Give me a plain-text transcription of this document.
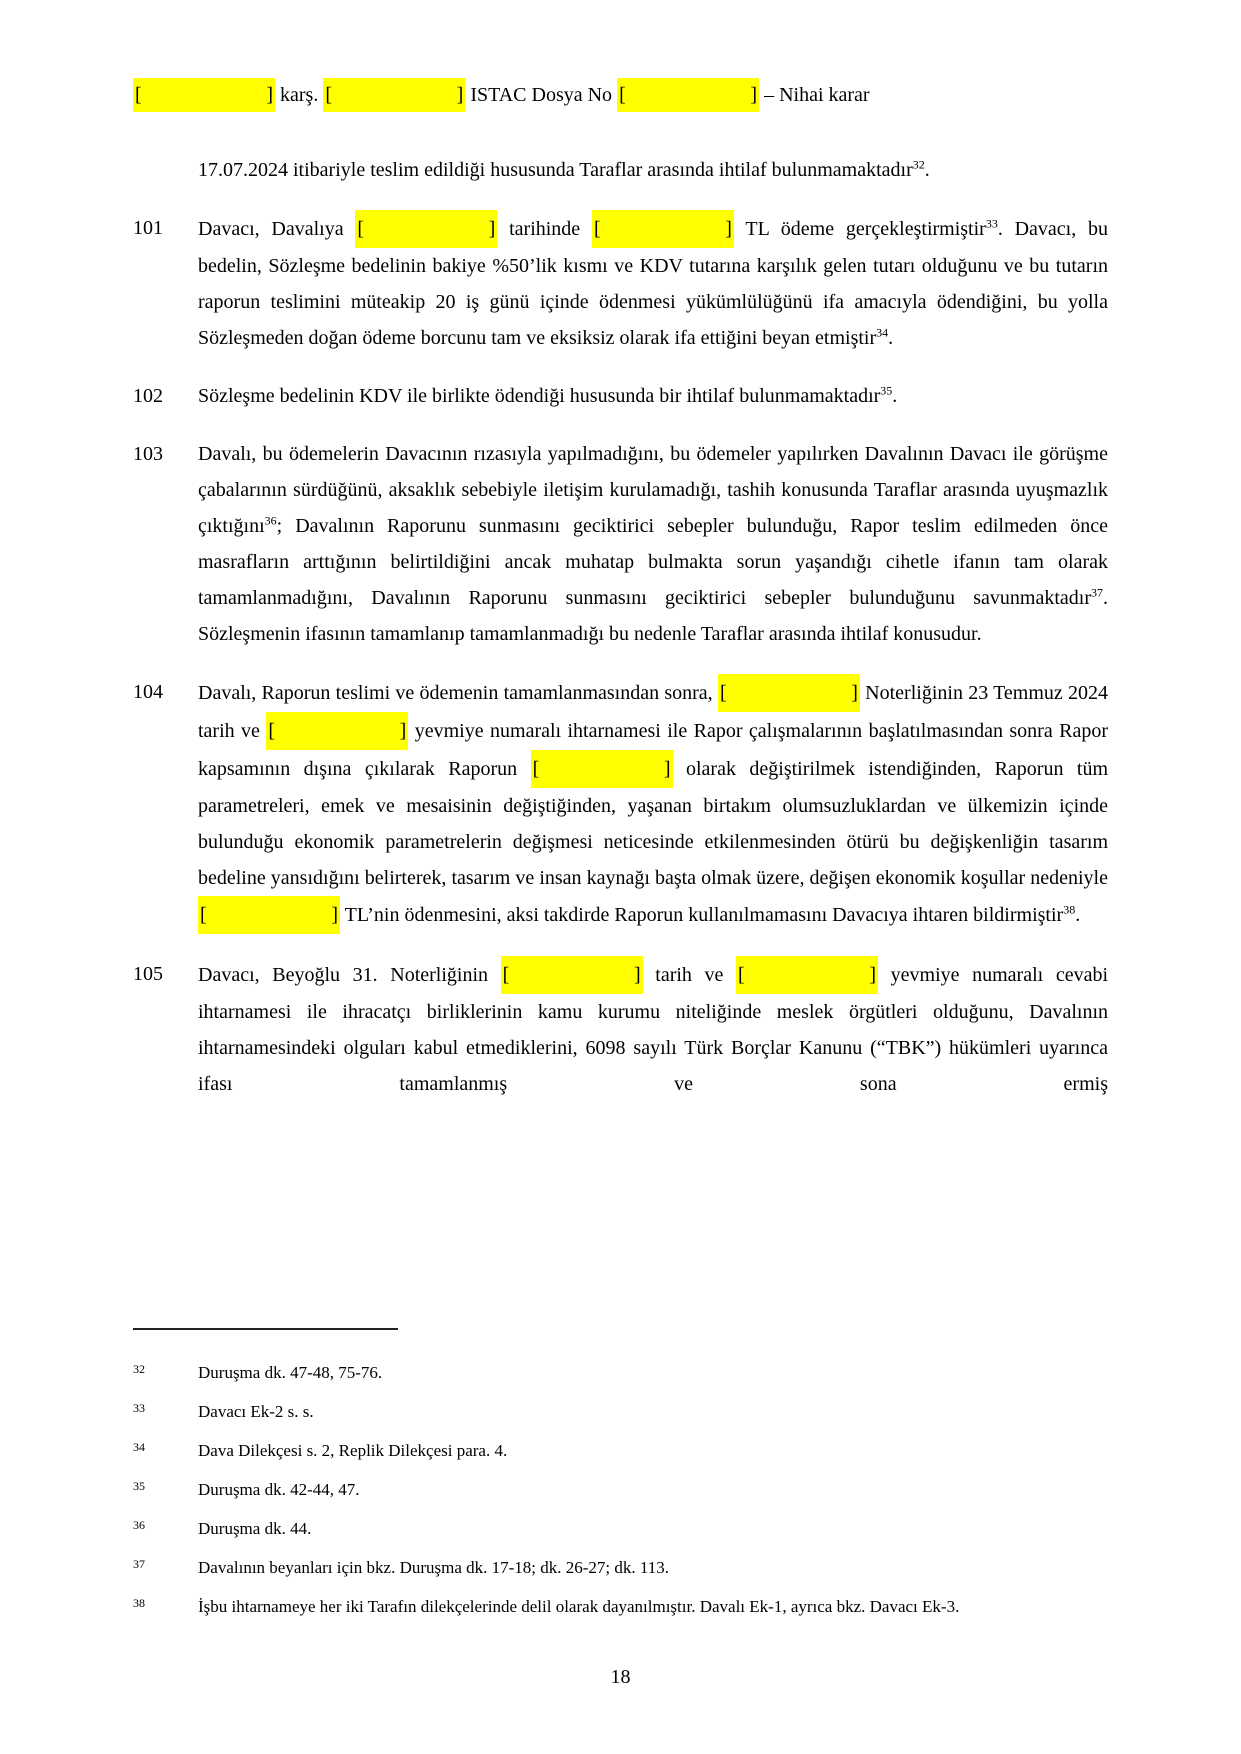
[	] karş. [	] ISTAC Dosya No [	] – Nihai karar
17.07.2024 itibariyle teslim edildiği hususunda Taraflar arasında ihtilaf bulunmamaktadır$^{32}$.
101 Davacı, Davalıya [	] tarihinde [	] TL ödeme gerçekleştirmiştir$^{33}$. Davacı, bu bedelin, Sözleşme bedelinin bakiye %50’lik kısmı ve KDV tutarına karşılık gelen tutarı olduğunu ve bu tutarın raporun teslimini müteakip 20 iş günü içinde ödenmesi yükümlülüğünü ifa amacıyla ödendiğini, bu yolla Sözleşmeden doğan ödeme borcunu tam ve eksiksiz olarak ifa ettiğini beyan etmiştir$^{34}$.
102 Sözleşme bedelinin KDV ile birlikte ödendiği hususunda bir ihtilaf bulunmamaktadır$^{35}$.
103 Davalı, bu ödemelerin Davacının rızasıyla yapılmadığını, bu ödemeler yapılırken Davalının Davacı ile görüşme çabalarının sürdüğünü, aksaklık sebebiyle iletişim kurulamadığı, tashih konusunda Taraflar arasında uyuşmazlık çıktığını$^{36}$; Davalının Raporunu sunmasını geciktirici sebepler bulunduğu, Rapor teslim edilmeden önce masrafların arttığının belirtildiğini ancak muhatap bulmakta sorun yaşandığı cihetle ifanın tam olarak tamamlanmadığını, Davalının Raporunu sunmasını geciktirici sebepler bulunduğunu savunmaktadır$^{37}$. Sözleşmenin ifasının tamamlanıp tamamlanmadığı bu nedenle Taraflar arasında ihtilaf konusudur.
104 Davalı, Raporun teslimi ve ödemenin tamamlanmasından sonra, [	] Noterliğinin 23 Temmuz 2024 tarih ve [	] yevmiye numaralı ihtarnamesi ile Rapor çalışmalarının başlatılmasından sonra Rapor kapsamının dışına çıkılarak Raporun [	] olarak değiştirilmek istendiğinden, Raporun tüm parametreleri, emek ve mesaisinin değiştiğinden, yaşanan birtakım olumsuzluklardan ve ülkemizin içinde bulunduğu ekonomik parametrelerin değişmesi neticesinde etkilenmesinden ötürü bu değişkenliğin tasarım bedeline yansıdığını belirterek, tasarım ve insan kaynağı başta olmak üzere, değişen ekonomik koşullar nedeniyle
[	] TL’nin ödenmesini, aksi takdirde Raporun kullanılmamasını Davacıya ihtaren bildirmiştir$^{38}$.
105 Davacı, Beyoğlu 31. Noterliğinin [	] tarih ve [	] yevmiye numaralı cevabi ihtarnamesi ile ihracatçı birliklerinin kamu kurumu niteliğinde meslek örgütleri olduğunu, Davalının ihtarnamesindeki olguları kabul etmediklerini, 6098 sayılı Türk Borçlar Kanunu (“TBK”) hükümleri uyarınca ifası tamamlanmış ve sona ermiş
32	Duruşma dk. 47-48, 75-76.
33	Davacı Ek-2 s. s.
34	Dava Dilekçesi s. 2, Replik Dilekçesi para. 4.
35	Duruşma dk. 42-44, 47.
36	Duruşma dk. 44.
37	Davalının beyanları için bkz. Duruşma dk. 17-18; dk. 26-27; dk. 113.
38	İşbu ihtarnameye her iki Tarafın dilekçelerinde delil olarak dayanılmıştır. Davalı Ek-1, ayrıca bkz. Davacı Ek-3.
18
